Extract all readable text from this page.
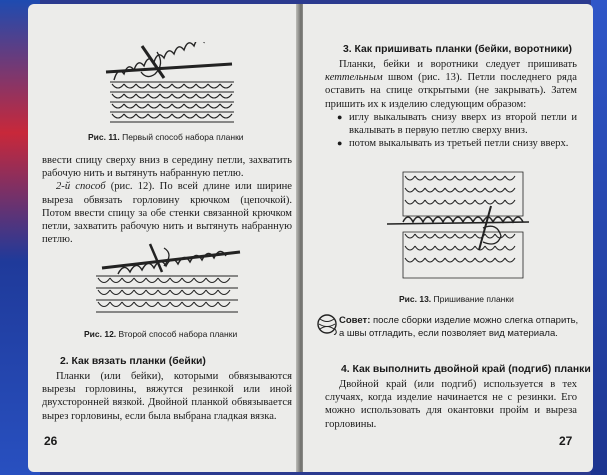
Рис. 11. Первый способ набора планки

ввести спицу сверху вниз в середину петли, захватить рабочую нить и вытянуть набранную петлю.

2-й способ (рис. 12). По всей длине или ширине выреза обвязать горловину крючком (цепочкой). Потом ввести спицу за обе стенки связанной крючком петли, захватить рабочую нить и вытянуть набранную петлю.

Рис. 12. Второй способ набора планки
2. Как вязать планки (бейки)

Планки (или бейки), которыми обвязываются вырезы горловины, вяжутся резинкой или иной двухсторонней вязкой. Двойной планкой обвязывается вырез горловины, если была выбрана гладкая вязка.

26
3. Как пришивать планки (бейки, воротники)

Планки, бейки и воротники следует пришивать кеттельным швом (рис. 13). Петли последнего ряда оставить на спице открытыми (не закрывать). Затем пришить их к изделию следующим образом:

● иглу выкалывать снизу вверх из второй петли и вкалывать в первую петлю сверху вниз.
● потом выкалывать из третьей петли снизу вверх.
Рис. 13. Пришивание планки
Совет: после сборки изделие можно слегка отпарить, а швы отгладить, если позволяет вид материала.
4. Как выполнить двойной край (подгиб) планки

Двойной край (или подгиб) используется в тех случаях, когда изделие начинается не с резинки. Его можно использовать для окантовки пройм и выреза горловины.

27
